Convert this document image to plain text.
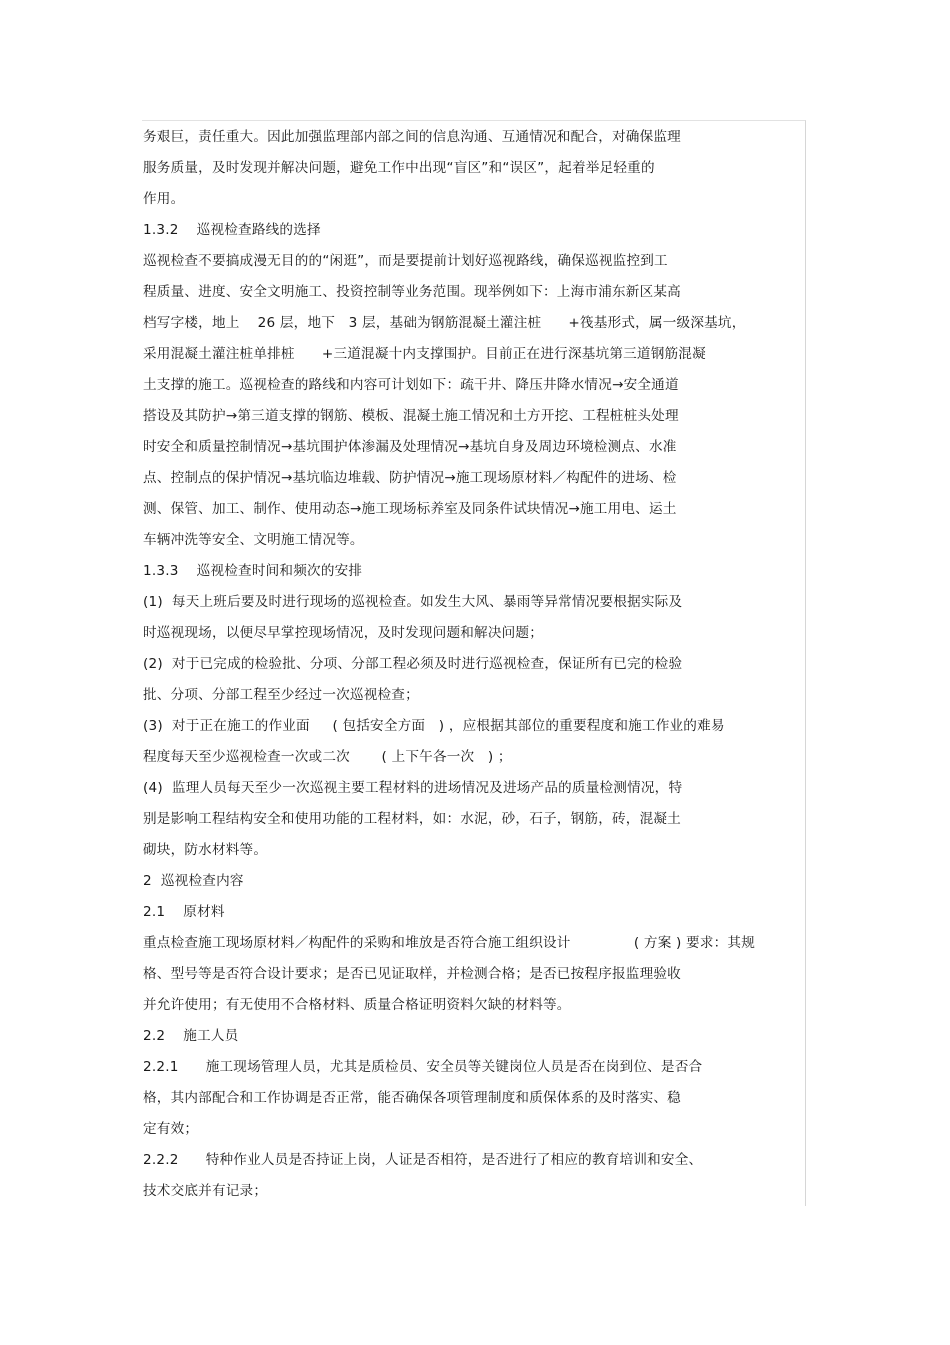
务艰巨，责任重大。因此加强监理部内部之间的信息沟通、互通情况和配合，对确保监理
服务质量，及时发现并解决问题，避免工作中出现“盲区”和“误区”，起着举足轻重的
作用。
1.3.2    巡视检查路线的选择
巡视检查不要搞成漫无目的的“闲逛”，而是要提前计划好巡视路线，确保巡视监控到工
程质量、进度、安全文明施工、投资控制等业务范围。现举例如下：上海市浦东新区某高
档写字楼，地上    26 层，地下   3 层，基础为钢筋混凝土灌注桩      +筏基形式，属一级深基坑，
采用混凝土灌注桩单排桩      +三道混凝十内支撑围护。目前正在进行深基坑第三道钢筋混凝
土支撑的施工。巡视检查的路线和内容可计划如下：疏干井、降压井降水情况→安全通道
搭设及其防护→第三道支撑的钢筋、模板、混凝土施工情况和土方开挖、工程桩桩头处理
时安全和质量控制情况→基坑围护体渗漏及处理情况→基坑自身及周边环境检测点、水准
点、控制点的保护情况→基坑临边堆载、防护情况→施工现场原材料／构配件的进场、检
测、保管、加工、制作、使用动态→施工现场标养室及同条件试块情况→施工用电、运土
车辆冲洗等安全、文明施工情况等。
1.3.3    巡视检查时间和频次的安排
(1)  每天上班后要及时进行现场的巡视检查。如发生大风、暴雨等异常情况要根据实际及
时巡视现场，以便尽早掌控现场情况，及时发现问题和解决问题；
(2)  对于已完成的检验批、分项、分部工程必须及时进行巡视检查，保证所有已完的检验
批、分项、分部工程至少经过一次巡视检查；
(3)  对于正在施工的作业面     ( 包括安全方面   ) ，应根据其部位的重要程度和施工作业的难易
程度每天至少巡视检查一次或二次       ( 上下午各一次   ) ；
(4)  监理人员每天至少一次巡视主要工程材料的进场情况及进场产品的质量检测情况，特
别是影响工程结构安全和使用功能的工程材料，如：水泥，砂，石子，钢筋，砖，混凝土
砌块，防水材料等。
2  巡视检查内容
2.1    原材料
重点检查施工现场原材料／构配件的采购和堆放是否符合施工组织设计              ( 方案 ) 要求：其规
格、型号等是否符合设计要求；是否已见证取样，并检测合格；是否已按程序报监理验收
并允许使用；有无使用不合格材料、质量合格证明资料欠缺的材料等。
2.2    施工人员
2.2.1      施工现场管理人员，尤其是质检员、安全员等关键岗位人员是否在岗到位、是否合
格，其内部配合和工作协调是否正常，能否确保各项管理制度和质保体系的及时落实、稳
定有效；
2.2.2      特种作业人员是否持证上岗，人证是否相符，是否进行了相应的教育培训和安全、
技术交底并有记录；
